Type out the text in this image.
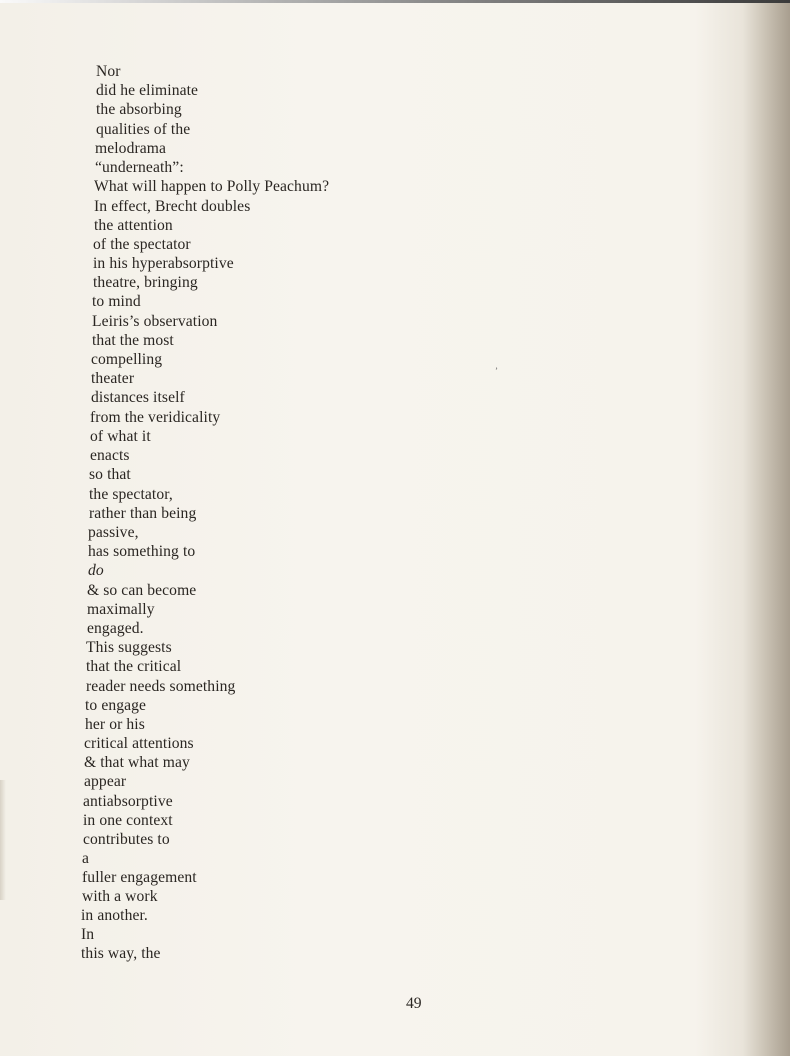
Nor
did he eliminate
the absorbing
qualities of the
melodrama
“underneath”:
What will happen to Polly Peachum?
In effect, Brecht doubles
the attention
of the spectator
in his hyperabsorptive
theatre, bringing
to mind
Leiris’s observation
that the most
compelling
theater
distances itself
from the veridicality
of what it
enacts
so that
the spectator,
rather than being
passive,
has something to
do
& so can become
maximally
engaged.
This suggests
that the critical
reader needs something
to engage
her or his
critical attentions
& that what may
appear
antiabsorptive
in one context
contributes to
a
fuller engagement
with a work
in another.
In
this way, the
’
49
